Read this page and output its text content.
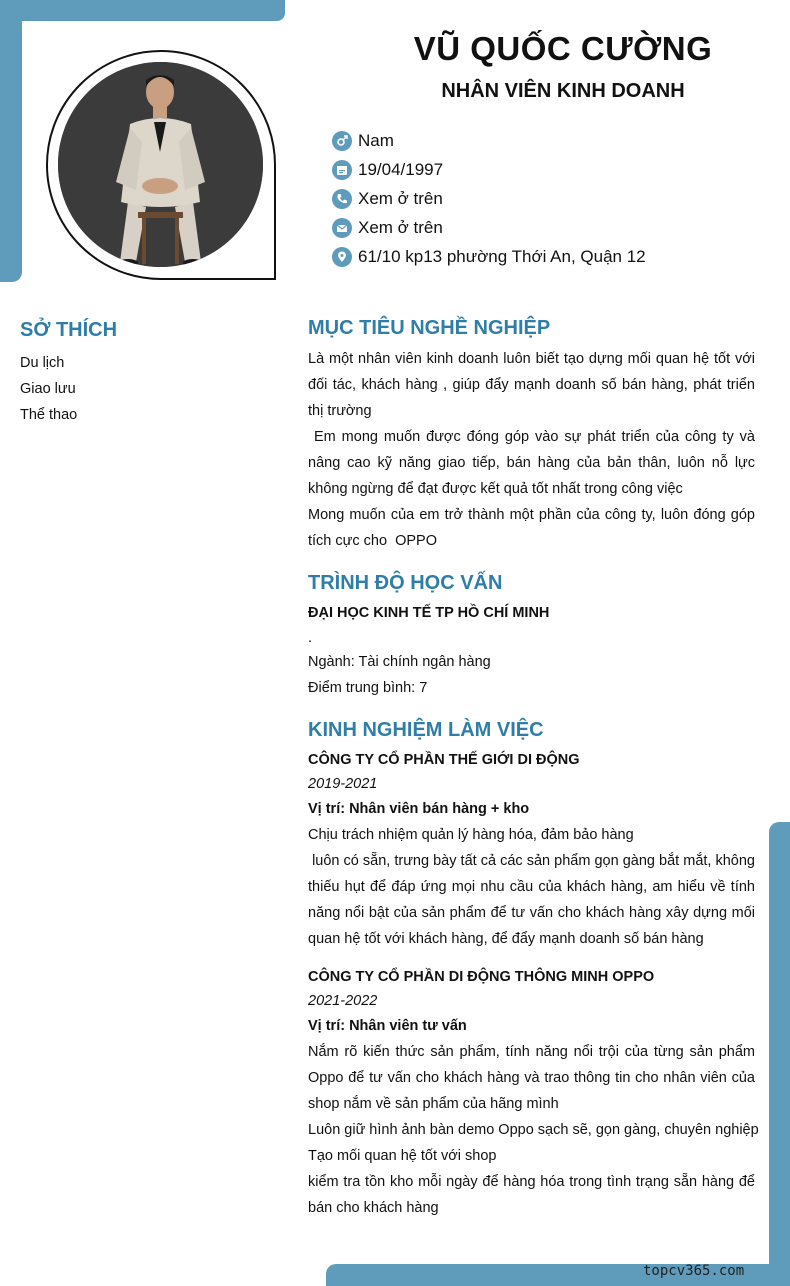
topcv365.com
VŨ QUỐC CƯỜNG
NHÂN VIÊN KINH DOANH
Nam
19/04/1997
Xem ở trên
Xem ở trên
61/10 kp13 phường Thới An, Quận 12
SỞ THÍCH
Du lịch
Giao lưu
Thể thao
MỤC TIÊU NGHỀ NGHIỆP
Là một nhân viên kinh doanh luôn biết tạo dựng mối quan hệ tốt với đối tác, khách hàng , giúp đẩy mạnh doanh số bán hàng, phát triển thị trường
Em mong muốn được đóng góp vào sự phát triển của công ty và nâng cao kỹ năng giao tiếp, bán hàng của bản thân, luôn nỗ lực không ngừng để đạt được kết quả tốt nhất trong công việc
Mong muốn của em trở thành một phần của công ty, luôn đóng góp tích cực cho  OPPO
TRÌNH ĐỘ HỌC VẤN
ĐẠI HỌC KINH TẾ TP HỒ CHÍ MINH
.
Ngành: Tài chính ngân hàng
Điểm trung bình: 7
KINH NGHIỆM LÀM VIỆC
CÔNG TY CỔ PHẦN THẾ GIỚI DI ĐỘNG
2019-2021
Vị trí: Nhân viên bán hàng + kho
Chịu trách nhiệm quản lý hàng hóa, đảm bảo hàng
luôn có sẵn, trưng bày tất cả các sản phẩm gọn gàng bắt mắt, không thiếu hụt để đáp ứng mọi nhu cầu của khách hàng, am hiểu về tính năng nổi bật của sản phẩm để tư vấn cho khách hàng xây dựng mối quan hệ tốt với khách hàng, để đẩy mạnh doanh số bán hàng
CÔNG TY CỔ PHẦN DI ĐỘNG THÔNG MINH OPPO
2021-2022
Vị trí: Nhân viên tư vấn
Nắm rõ kiến thức sản phẩm, tính năng nổi trội của từng sản phẩm Oppo để tư vấn cho khách hàng và trao thông tin cho nhân viên của shop nắm về sản phẩm của hãng mình
Luôn giữ hình ảnh bàn demo Oppo sạch sẽ, gọn gàng, chuyên nghiệp
Tạo mối quan hệ tốt với shop
kiểm tra tồn kho mỗi ngày để hàng hóa trong tình trạng sẵn hàng để bán cho khách hàng
